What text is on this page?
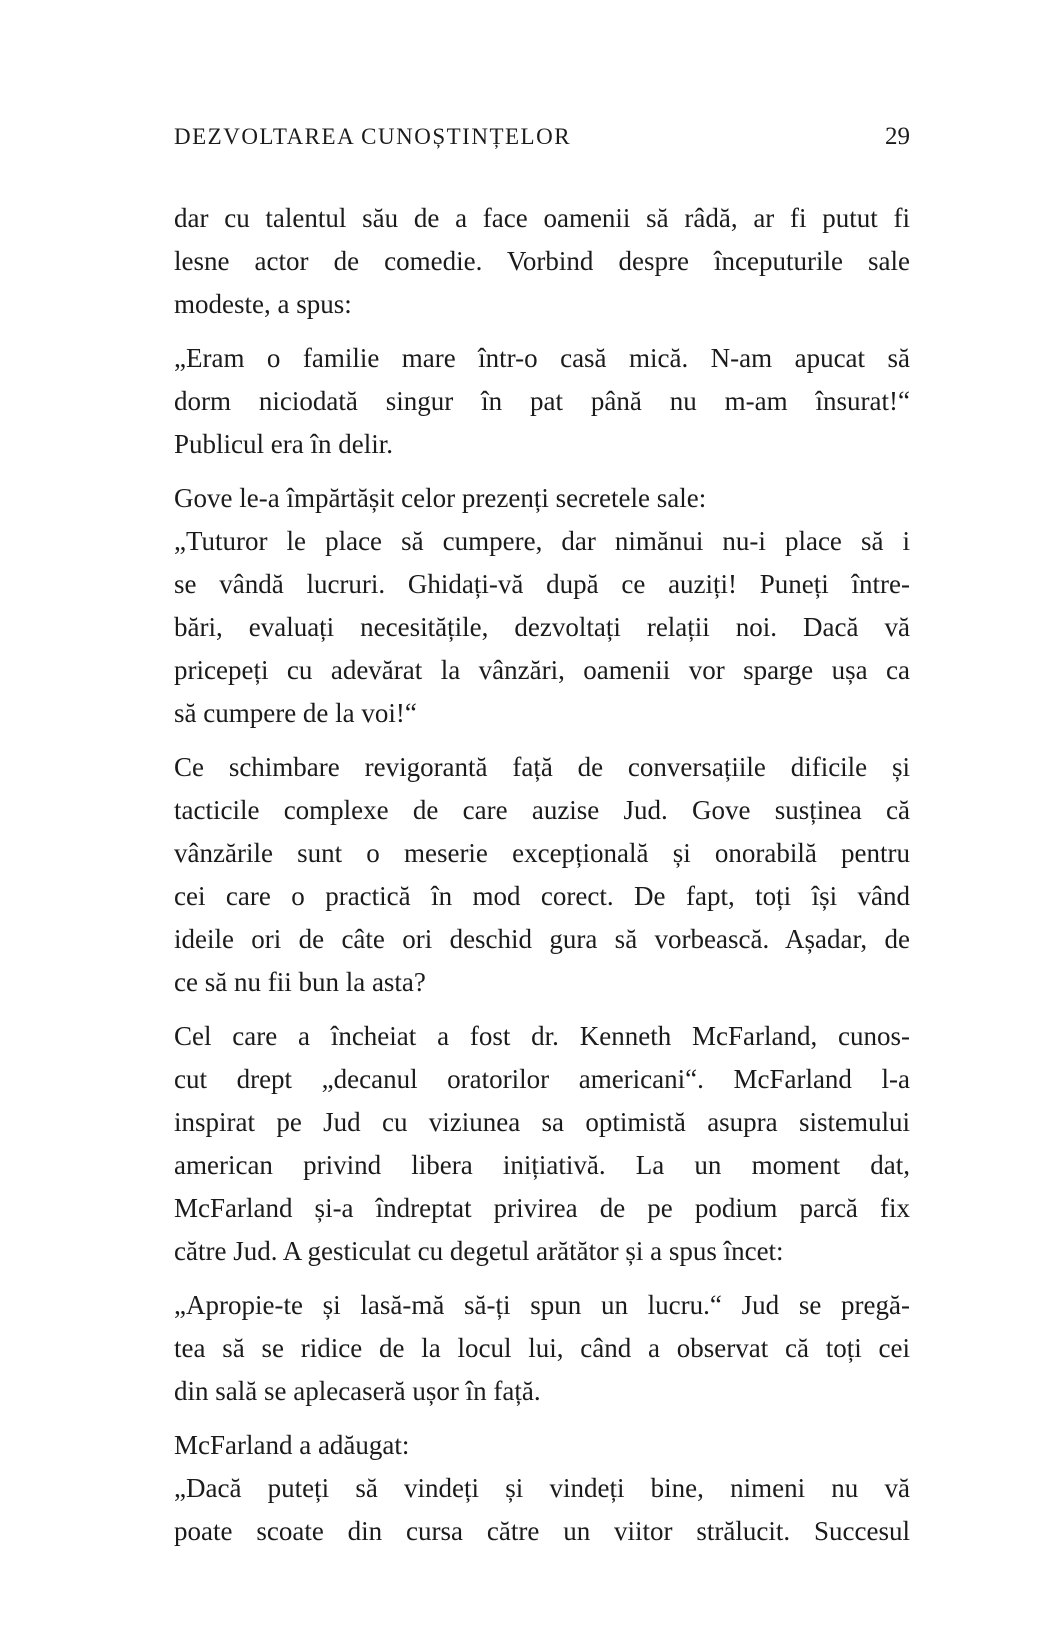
DEZVOLTAREA CUNOȘTINȚELOR	29
dar cu talentul său de a face oamenii să râdă, ar fi putut fi
lesne actor de comedie. Vorbind despre începuturile sale
modeste, a spus:
„Eram o familie mare într-o casă mică. N-am apucat să
dorm niciodată singur în pat până nu m-am însurat!“
Publicul era în delir.
Gove le-a împărtășit celor prezenți secretele sale:
„Tuturor le place să cumpere, dar nimănui nu-i place să i
se vândă lucruri. Ghidați-vă după ce auziți! Puneți între-
bări, evaluați necesitățile, dezvoltați relații noi. Dacă vă
pricepeți cu adevărat la vânzări, oamenii vor sparge ușa ca
să cumpere de la voi!“
Ce schimbare revigorantă față de conversațiile dificile și
tacticile complexe de care auzise Jud. Gove susținea că
vânzările sunt o meserie excepțională și onorabilă pentru
cei care o practică în mod corect. De fapt, toți își vând
ideile ori de câte ori deschid gura să vorbească. Așadar, de
ce să nu fii bun la asta?
Cel care a încheiat a fost dr. Kenneth McFarland, cunos-
cut drept „decanul oratorilor americani“. McFarland l-a
inspirat pe Jud cu viziunea sa optimistă asupra sistemului
american privind libera inițiativă. La un moment dat,
McFarland și-a îndreptat privirea de pe podium parcă fix
către Jud. A gesticulat cu degetul arătător și a spus încet:
„Apropie-te și lasă-mă să-ți spun un lucru.“ Jud se pregă-
tea să se ridice de la locul lui, când a observat că toți cei
din sală se aplecaseră ușor în față.
McFarland a adăugat:
„Dacă puteți să vindeți și vindeți bine, nimeni nu vă
poate scoate din cursa către un viitor strălucit. Succesul
